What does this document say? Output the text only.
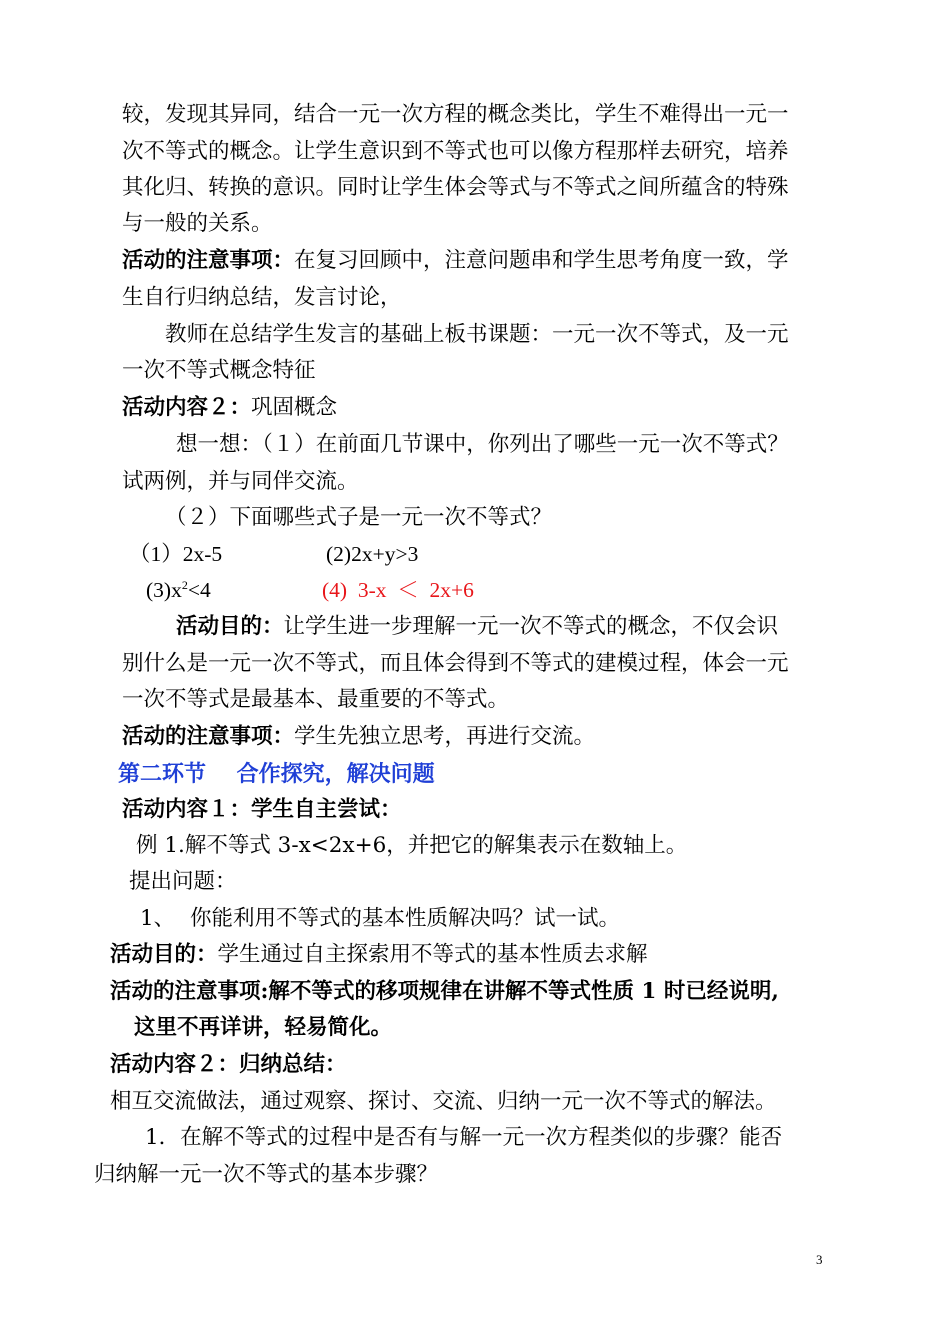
较，发现其异同，结合一元一次方程的概念类比，学生不难得出一元一
次不等式的概念。让学生意识到不等式也可以像方程那样去研究，培养
其化归、转换的意识。同时让学生体会等式与不等式之间所蕴含的特殊
与一般的关系。
活动的注意事项：在复习回顾中，注意问题串和学生思考角度一致，学
生自行归纳总结，发言讨论，
教师在总结学生发言的基础上板书课题：一元一次不等式，及一元
一次不等式概念特征
活动内容２：巩固概念
想一想：（１）在前面几节课中，你列出了哪些一元一次不等式？
试两例，并与同伴交流。
（２）下面哪些式子是一元一次不等式？
（1）2x-5	(2)2x+y>3
$(3)x^2<4$	(4)  3-x  ＜  2x+6
活动目的：让学生进一步理解一元一次不等式的概念，不仅会识
别什么是一元一次不等式，而且体会得到不等式的建模过程，体会一元
一次不等式是最基本、最重要的不等式。
活动的注意事项：学生先独立思考，再进行交流。
第二环节    合作探究，解决问题
活动内容１：学生自主尝试：
例 1.解不等式 3-x<2x+6，并把它的解集表示在数轴上。
提出问题：
1、 你能利用不等式的基本性质解决吗？试一试。
活动目的：学生通过自主探索用不等式的基本性质去求解
活动的注意事项:解不等式的移项规律在讲解不等式性质 1 时已经说明,
这里不再详讲，轻易简化。
活动内容２：归纳总结：
相互交流做法，通过观察、探讨、交流、归纳一元一次不等式的解法。
1．在解不等式的过程中是否有与解一元一次方程类似的步骤？能否
归纳解一元一次不等式的基本步骤？
3
